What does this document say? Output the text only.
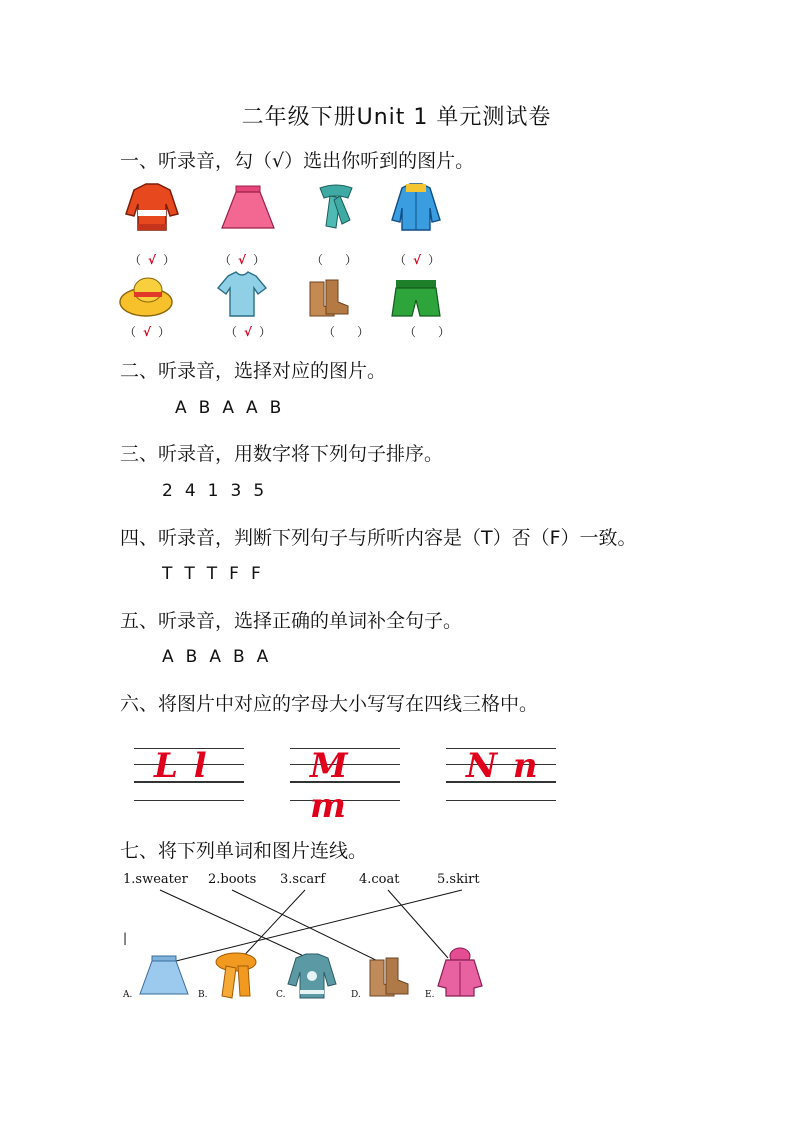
二年级下册Unit 1 单元测试卷
一、听录音，勾（√）选出你听到的图片。
（ √ ）	（ √ ）	（ ）	（ √ ）
（ √ ）	（ √ ）	（ ）	（ ）
二、听录音，选择对应的图片。
A B A A B
三、听录音，用数字将下列句子排序。
2 4 1 3 5
四、听录音，判断下列句子与所听内容是（T）否（F）一致。
T T T F F
五、听录音，选择正确的单词补全句子。
A B A B A
六、将图片中对应的字母大小写写在四线三格中。
L l	M m
N n
七、将下列单词和图片连线。
1.sweater 2.boots 3.scarf	4.coat	5.skirt
|
A.	B.	C.	D.	E.
